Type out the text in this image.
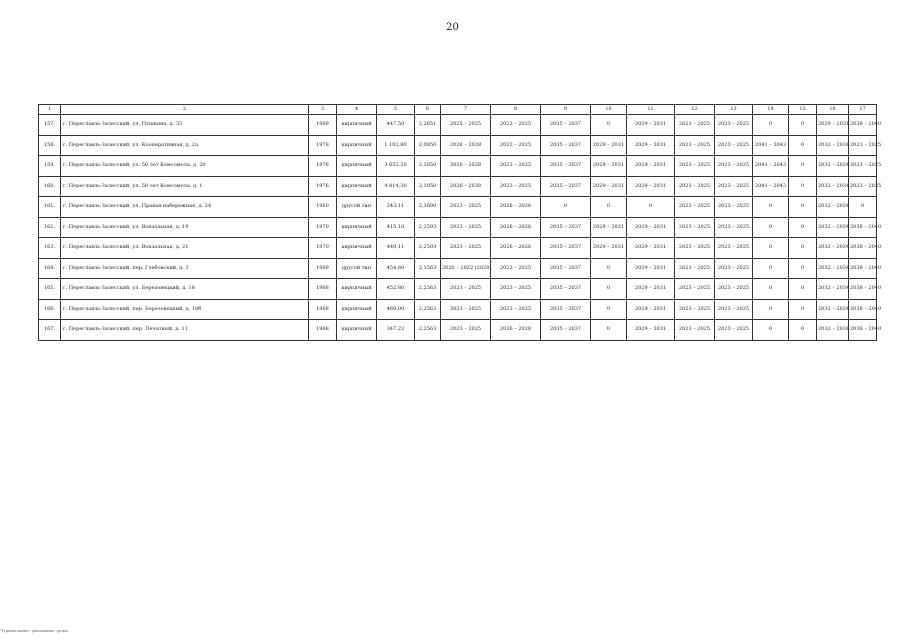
20
1	2	3	4	5	6	7	8	9	10	11	12	13	14	15	16	17
157.	г. Переславль-Залесский, ул. Пушкина, д. 33	1989	кирпичный	447,50	2,2651	2025 – 2025	2023 – 2025	2035 – 2037	0	2029 – 2031	2023 – 2025	2023 – 2025	0	0	2029 – 2031	2038 – 2040
158.	г. Переславль-Залесский, ул. Кооперативная, д. 2а	1978	кирпичный	1 102,80	2,0850	2026 – 2028	2023 – 2025	2035 – 2037	2029 – 2031	2029 – 2031	2023 – 2025	2023 – 2025	2041 – 2043	0	2032 – 2034	2023 – 2025
159.	г. Переславль-Залесский, ул. 50 лет Комсомола, д. 20	1976	кирпичный	3 652,20	2,1850	2026 – 2028	2023 – 2025	2035 – 2037	2029 – 2031	2029 – 2031	2023 – 2025	2023 – 2025	2041 – 2043	0	2032 – 2034	2023 – 2025
160.	г. Переславль-Залесский, ул. 50 лет Комсомола, д. 1	1976	кирпичный	4 814,30	2,1850	2026 – 2028	2023 – 2025	2035 – 2037	2029 – 2031	2029 – 2031	2023 – 2025	2023 – 2025	2041 – 2043	0	2032 – 2034	2023 – 2025
161.	г. Переславль-Залесский, ул. Правая набережная, д. 24	1960	другой тип	243,11	2,3600	2023 – 2025	2026 – 2028	0	0	0	2023 – 2025	2023 – 2025	0	0	2032 – 2034	0
162.	г. Переславль-Залесский, ул. Вокзальная, д. 19	1970	кирпичный	415,10	2,2593	2023 – 2025	2026 – 2028	2035 – 2037	2029 – 2031	2029 – 2031	2023 – 2025	2023 – 2025	0	0	2032 – 2034	2038 – 2040
163.	г. Переславль-Залесский, ул. Вокзальная, д. 21	1970	кирпичный	449,11	2,2593	2023 – 2025	2026 – 2028	2035 – 2037	2029 – 2031	2029 – 2031	2023 – 2025	2023 – 2025	0	0	2032 – 2034	2038 – 2040
164.	г. Переславль-Залесский, пер. Глебовский, д. 3	1989	другой тип	454,60	2,1563	2020 – 2022 (2020)	2023 – 2025	2035 – 2037	0	2029 – 2031	2023 – 2025	2023 – 2025	0	0	2032 – 2034	2038 – 2040
165.	г. Переславль-Залесский, ул. Березовецкий, д. 18	1968	кирпичный	452,80	2,2563	2023 – 2025	2023 – 2025	2035 – 2037	0	2029 – 2031	2023 – 2025	2023 – 2025	0	0	2032 – 2034	2038 – 2040
166.	г. Переславль-Залесский, пер. Березовецкий, д. 18б	1968	кирпичный	469,00	2,2563	2023 – 2025	2023 – 2025	2035 – 2037	0	2029 – 2031	2023 – 2025	2023 – 2025	0	0	2032 – 2034	2038 – 2040
167.	г. Переславль-Залесский, пер. Печатный, д. 11	1968	кирпичный	347,23	2,2563	2023 – 2025	2026 – 2028	2035 – 2037	0	2029 – 2031	2023 – 2025	2023 – 2025	0	0	2032 – 2034	2038 – 2040
*Примечание: указанные сроки
